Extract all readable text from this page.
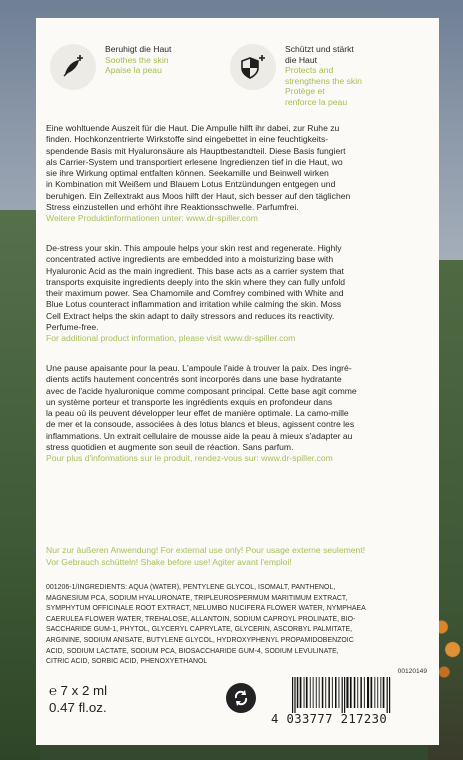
Beruhigt die Haut
Soothes the skin
Apaise la peau
Schützt und stärkt
die Haut
Protects and
strengthens the skin
Protège et
renforce la peau

Eine wohltuende Auszeit für die Haut. Die Ampulle hilft ihr dabei, zur Ruhe zu

finden. Hochkonzentrierte Wirkstoffe sind eingebettet in eine feuchtigkeits-

spendende Basis mit Hyaluronsäure als Hauptbestandteil. Diese Basis fungiert

als Carrier-System und transportiert erlesene Ingredienzen tief in die Haut, wo

sie ihre Wirkung optimal entfalten können. Seekamille und Beinwell wirken

in Kombination mit Weißem und Blauem Lotus Entzündungen entgegen und

beruhigen. Ein Zellextrakt aus Moos hilft der Haut, sich besser auf den täglichen

Stress einzustellen und erhöht ihre Reaktionsschwelle. Parfumfrei.

Weitere Produktinformationen unter: www.dr-spiller.com

De-stress your skin. This ampoule helps your skin rest and regenerate. Highly

concentrated active ingredients are embedded into a moisturizing base with

Hyaluronic Acid as the main ingredient. This base acts as a carrier system that

transports exquisite ingredients deeply into the skin where they can fully unfold

their maximum power. Sea Chamomile and Comfrey combined with White and

Blue Lotus counteract inflammation and irritation while calming the skin. Moss

Cell Extract helps the skin adapt to daily stressors and reduces its reactivity.

Perfume-free.

For additional product information, please visit www.dr-spiller.com

Une pause apaisante pour la peau. L'ampoule l'aide à trouver la paix. Des ingré-

dients actifs hautement concentrés sont incorporés dans une base hydratante

avec de l'acide hyaluronique comme composant principal. Cette base agit comme

un système porteur et transporte les ingrédients exquis en profondeur dans

la peau où ils peuvent développer leur effet de manière optimale. La camo-mille

de mer et la consoude, associées à des lotus blancs et bleus, agissent contre les

inflammations. Un extrait cellulaire de mousse aide la peau à mieux s'adapter au

stress quotidien et augmente son seuil de réaction. Sans parfum.

Pour plus d'informations sur le produit, rendez-vous sur: www.dr-spiller.com

Nur zur äußeren Anwendung! For external use only! Pour usage externe seulement!
Vor Gebrauch schütteln! Shake before use! Agiter avant l'emploi!
001206-1/INGREDIENTS: AQUA (WATER), PENTYLENE GLYCOL, ISOMALT, PANTHENOL,
MAGNESIUM PCA, SODIUM HYALURONATE, TRIPLEUROSPERMUM MARITIMUM EXTRACT,
SYMPHYTUM OFFICINALE ROOT EXTRACT, NELUMBO NUCIFERA FLOWER WATER, NYMPHAEA
CAERULEA FLOWER WATER, TREHALOSE, ALLANTOIN, SODIUM CAPROYL PROLINATE, BIO-
SACCHARIDE GUM-1, PHYTOL, GLYCERYL CAPRYLATE, GLYCERIN, ASCORBYL PALMITATE,
ARGININE, SODIUM ANISATE, BUTYLENE GLYCOL, HYDROXYPHENYL PROPAMIDOBENZOIC
ACID, SODIUM LACTATE, SODIUM PCA, BIOSACCHARIDE GUM-4, SODIUM LEVULINATE,
CITRIC ACID, SORBIC ACID, PHENOXYETHANOL
00120149
℮ 7 x 2 ml
0.47 fl.oz.
4 033777 217230
